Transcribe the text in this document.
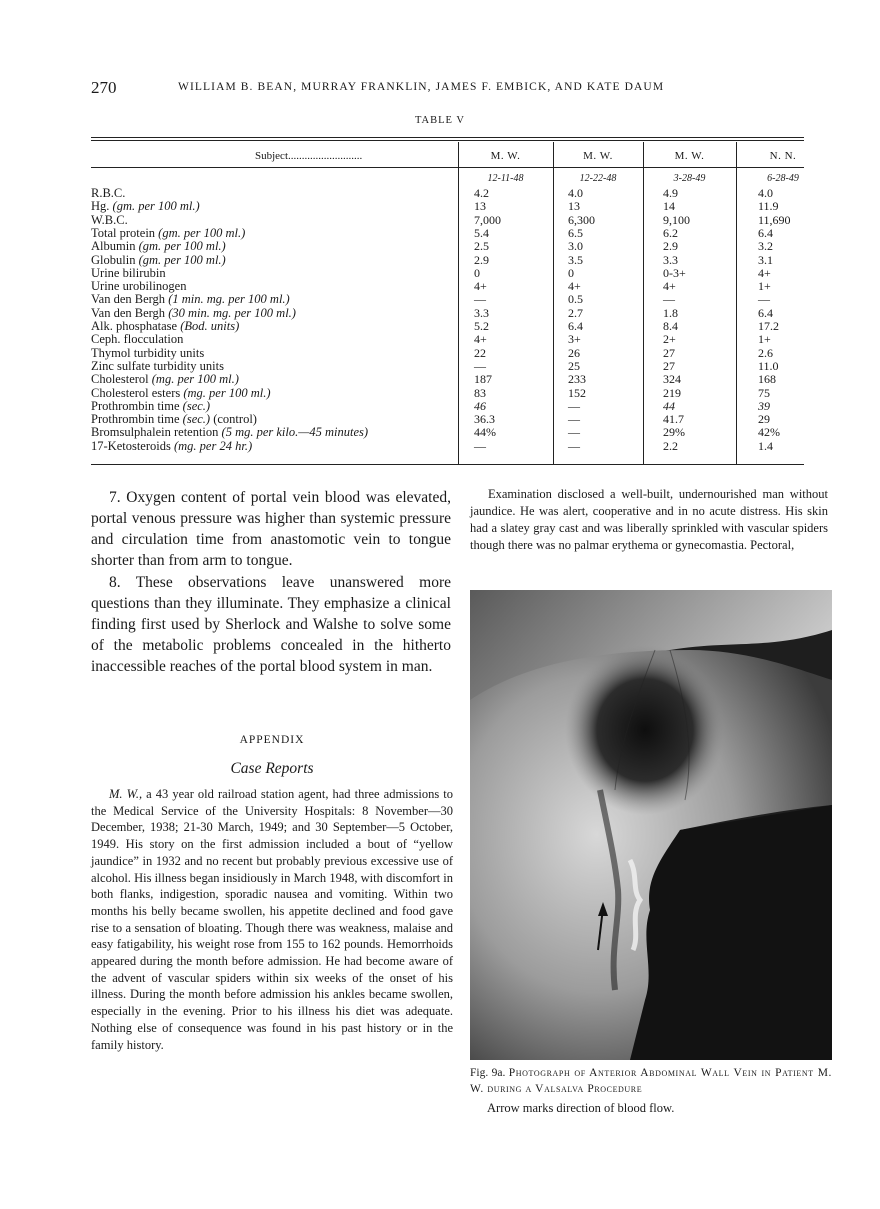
270	WILLIAM B. BEAN, MURRAY FRANKLIN, JAMES F. EMBICK, AND KATE DAUM
TABLE V
Subject...........................	M. W.	M. W.	M. W.	N. N.
12-11-48	12-22-48	3-28-49	6-28-49
R.B.C.	4.2	4.0	4.9	4.0
Hg. (gm. per 100 ml.)	13	13	14	11.9
W.B.C.	7,000	6,300	9,100	11,690
Total protein (gm. per 100 ml.)	5.4	6.5	6.2	6.4
Albumin (gm. per 100 ml.)	2.5	3.0	2.9	3.2
Globulin (gm. per 100 ml.)	2.9	3.5	3.3	3.1
Urine bilirubin	0	0	0-3+	4+
Urine urobilinogen	4+	4+	4+	1+
Van den Bergh (1 min. mg. per 100 ml.)	—	0.5	—	—
Van den Bergh (30 min. mg. per 100 ml.)	3.3	2.7	1.8	6.4
Alk. phosphatase (Bod. units)	5.2	6.4	8.4	17.2
Ceph. flocculation	4+	3+	2+	1+
Thymol turbidity units	22	26	27	2.6
Zinc sulfate turbidity units	—	25	27	11.0
Cholesterol (mg. per 100 ml.)	187	233	324	168
Cholesterol esters (mg. per 100 ml.)	83	152	219	75
Prothrombin time (sec.)	46	—	44	39
Prothrombin time (sec.) (control)	36.3	—	41.7	29
Bromsulphalein retention (5 mg. per kilo.—45 minutes)	44%	—	29%	42%
17-Ketosteroids (mg. per 24 hr.)	—	—	2.2	1.4

7. Oxygen content of portal vein blood was elevated, portal venous pressure was higher than systemic pressure and circulation time from anastomotic vein to tongue shorter than from arm to tongue.

8. These observations leave unanswered more questions than they illuminate. They emphasize a clinical finding first used by Sherlock and Walshe to solve some of the metabolic problems concealed in the hitherto inaccessible reaches of the portal blood system in man.

APPENDIX
Case Reports

M. W., a 43 year old railroad station agent, had three admissions to the Medical Service of the University Hospitals: 8 November—30 December, 1938; 21-30 March, 1949; and 30 September—5 October, 1949. His story on the first admission included a bout of “yellow jaundice” in 1932 and no recent but probably previous excessive use of alcohol. His illness began insidiously in March 1948, with discomfort in both flanks, indigestion, sporadic nausea and vomiting. Within two months his belly became swollen, his appetite declined and food gave rise to a sensation of bloating. Though there was weakness, malaise and easy fatigability, his weight rose from 155 to 162 pounds. Hemorrhoids appeared during the month before admission. He had become aware of the advent of vascular spiders within six weeks of the onset of his illness. During the month before admission his ankles became swollen, especially in the evening. Prior to his illness his diet was adequate. Nothing else of consequence was found in his past history or in the family history.

Examination disclosed a well-built, undernourished man without jaundice. He was alert, cooperative and in no acute distress. His skin had a slatey gray cast and was liberally sprinkled with vascular spiders though there was no palmar erythema or gynecomastia. Pectoral,

Fig. 9a. Photograph of Anterior Abdominal Wall Vein in Patient M. W. during a Valsalva Procedure
Arrow marks direction of blood flow.
